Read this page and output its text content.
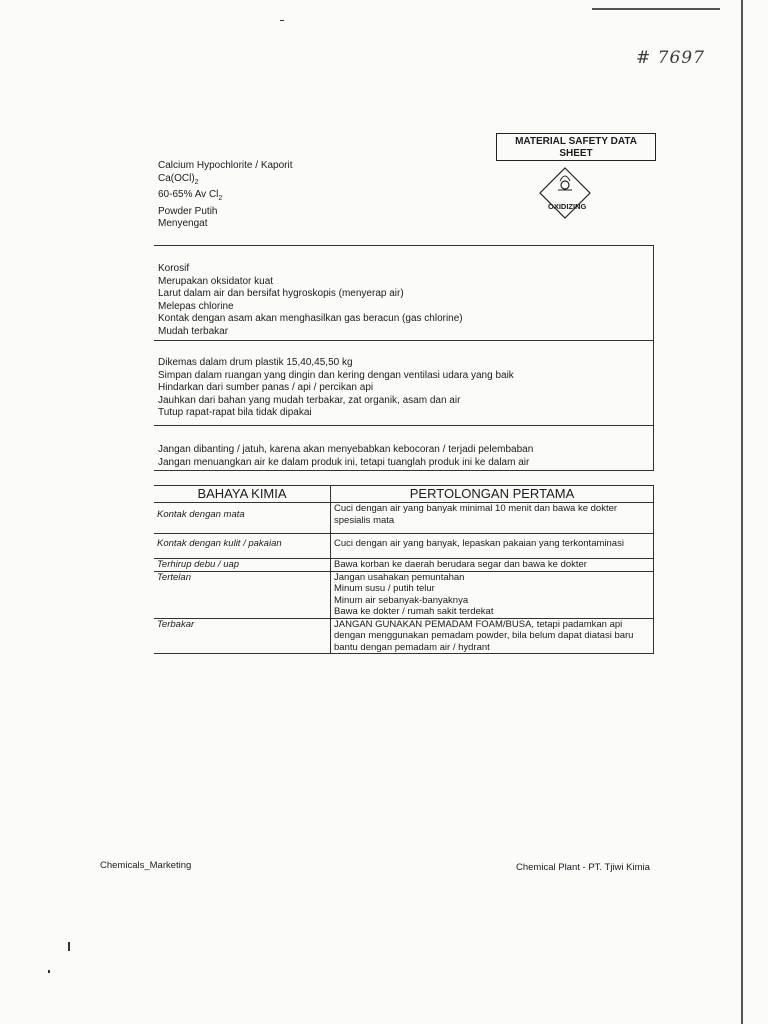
# 7697
MATERIAL SAFETY DATA
SHEET
OXIDIZING
Calcium Hypochlorite / Kaporit
$Ca(OCl)_2$
60-65% Av $Cl_2$
Powder Putih
Menyengat
Korosif
Merupakan oksidator kuat
Larut dalam air dan bersifat hygroskopis (menyerap air)
Melepas chlorine
Kontak dengan asam akan menghasilkan gas beracun (gas chlorine)
Mudah terbakar
Dikemas dalam drum plastik 15,40,45,50 kg
Simpan dalam ruangan yang dingin dan kering dengan ventilasi udara yang baik
Hindarkan dari sumber panas / api / percikan api
Jauhkan dari bahan yang mudah terbakar, zat organik, asam dan air
Tutup rapat-rapat bila tidak dipakai
Jangan dibanting / jatuh, karena akan menyebabkan kebocoran / terjadi pelembaban
Jangan menuangkan air ke dalam produk ini, tetapi tuanglah produk ini ke dalam air
BAHAYA KIMIA	PERTOLONGAN PERTAMA
Kontak dengan mata	Cuci dengan air yang banyak minimal 10 menit dan bawa ke dokter
spesialis mata

Kontak dengan kulit / pakaian	Cuci dengan air yang banyak, lepaskan pakaian yang terkontaminasi

Terhirup debu / uap	Bawa korban ke daerah berudara segar dan bawa ke dokter

Tertelan	Jangan usahakan pemuntahan
Minum susu / putih telur
Minum air sebanyak-banyaknya
Bawa ke dokter / rumah sakit terdekat

Terbakar	JANGAN GUNAKAN PEMADAM FOAM/BUSA, tetapi padamkan api
dengan menggunakan pemadam powder, bila belum dapat diatasi baru
bantu dengan pemadam air / hydrant
Chemicals_Marketing	Chemical Plant - PT. Tjiwi Kimia
